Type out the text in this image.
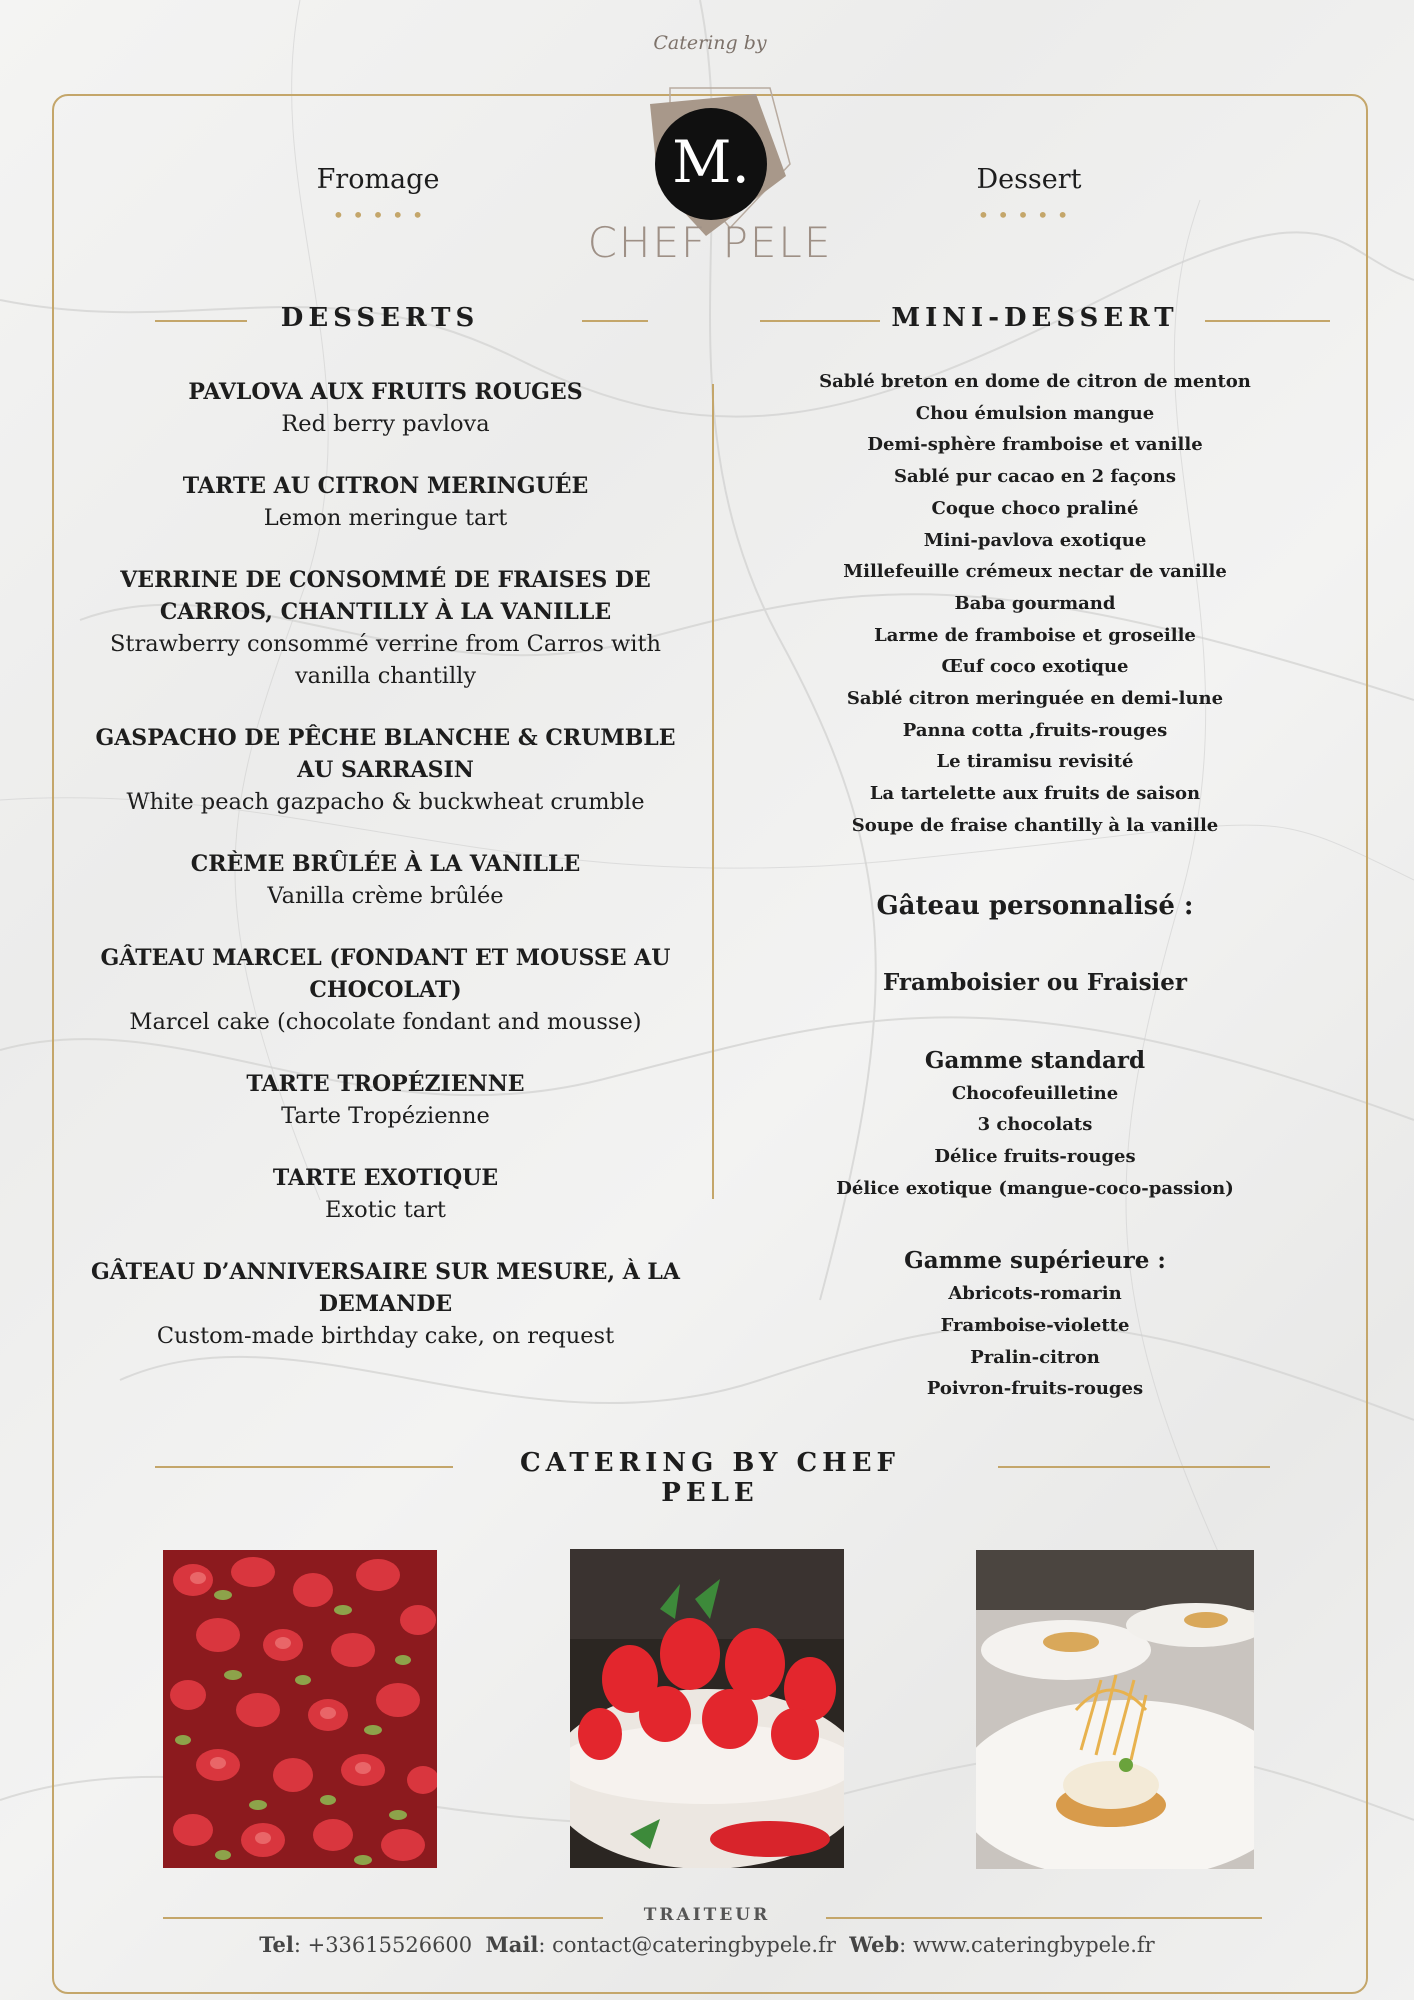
Catering by
M.
CHEF PELE
Fromage
•••••
Dessert
•••••
DESSERTS	MINI-DESSERT
PAVLOVA AUX FRUITS ROUGES
Red berry pavlova
TARTE AU CITRON MERINGUÉE
Lemon meringue tart
VERRINE DE CONSOMMÉ DE FRAISES DE CARROS, CHANTILLY À LA VANILLE
Strawberry consommé verrine from Carros with vanilla chantilly
GASPACHO DE PÊCHE BLANCHE & CRUMBLE AU SARRASIN
White peach gazpacho & buckwheat crumble
CRÈME BRÛLÉE À LA VANILLE
Vanilla crème brûlée
GÂTEAU MARCEL (FONDANT ET MOUSSE AU CHOCOLAT)
Marcel cake (chocolate fondant and mousse)
TARTE TROPÉZIENNE
Tarte Tropézienne
TARTE EXOTIQUE
Exotic tart
GÂTEAU D’ANNIVERSAIRE SUR MESURE, À LA DEMANDE
Custom-made birthday cake, on request
Sablé breton en dome de citron de menton
Chou émulsion mangue
Demi-sphère framboise et vanille
Sablé pur cacao en 2 façons
Coque choco praliné
Mini-pavlova exotique
Millefeuille crémeux nectar de vanille
Baba gourmand
Larme de framboise et groseille
Œuf coco exotique
Sablé citron meringuée en demi-lune
Panna cotta ,fruits-rouges
Le tiramisu revisité
La tartelette aux fruits de saison
Soupe de fraise chantilly à la vanille
Gâteau personnalisé :
Framboisier ou Fraisier
Gamme standard
Chocofeuilletine
3 chocolats
Délice fruits-rouges
Délice exotique (mangue-coco-passion)
Gamme supérieure :
Abricots-romarin
Framboise-violette
Pralin-citron
Poivron-fruits-rouges
CATERING BY CHEF PELE
TRAITEUR
Tel: +33615526600 Mail: contact@cateringbypele.fr Web: www.cateringbypele.fr
